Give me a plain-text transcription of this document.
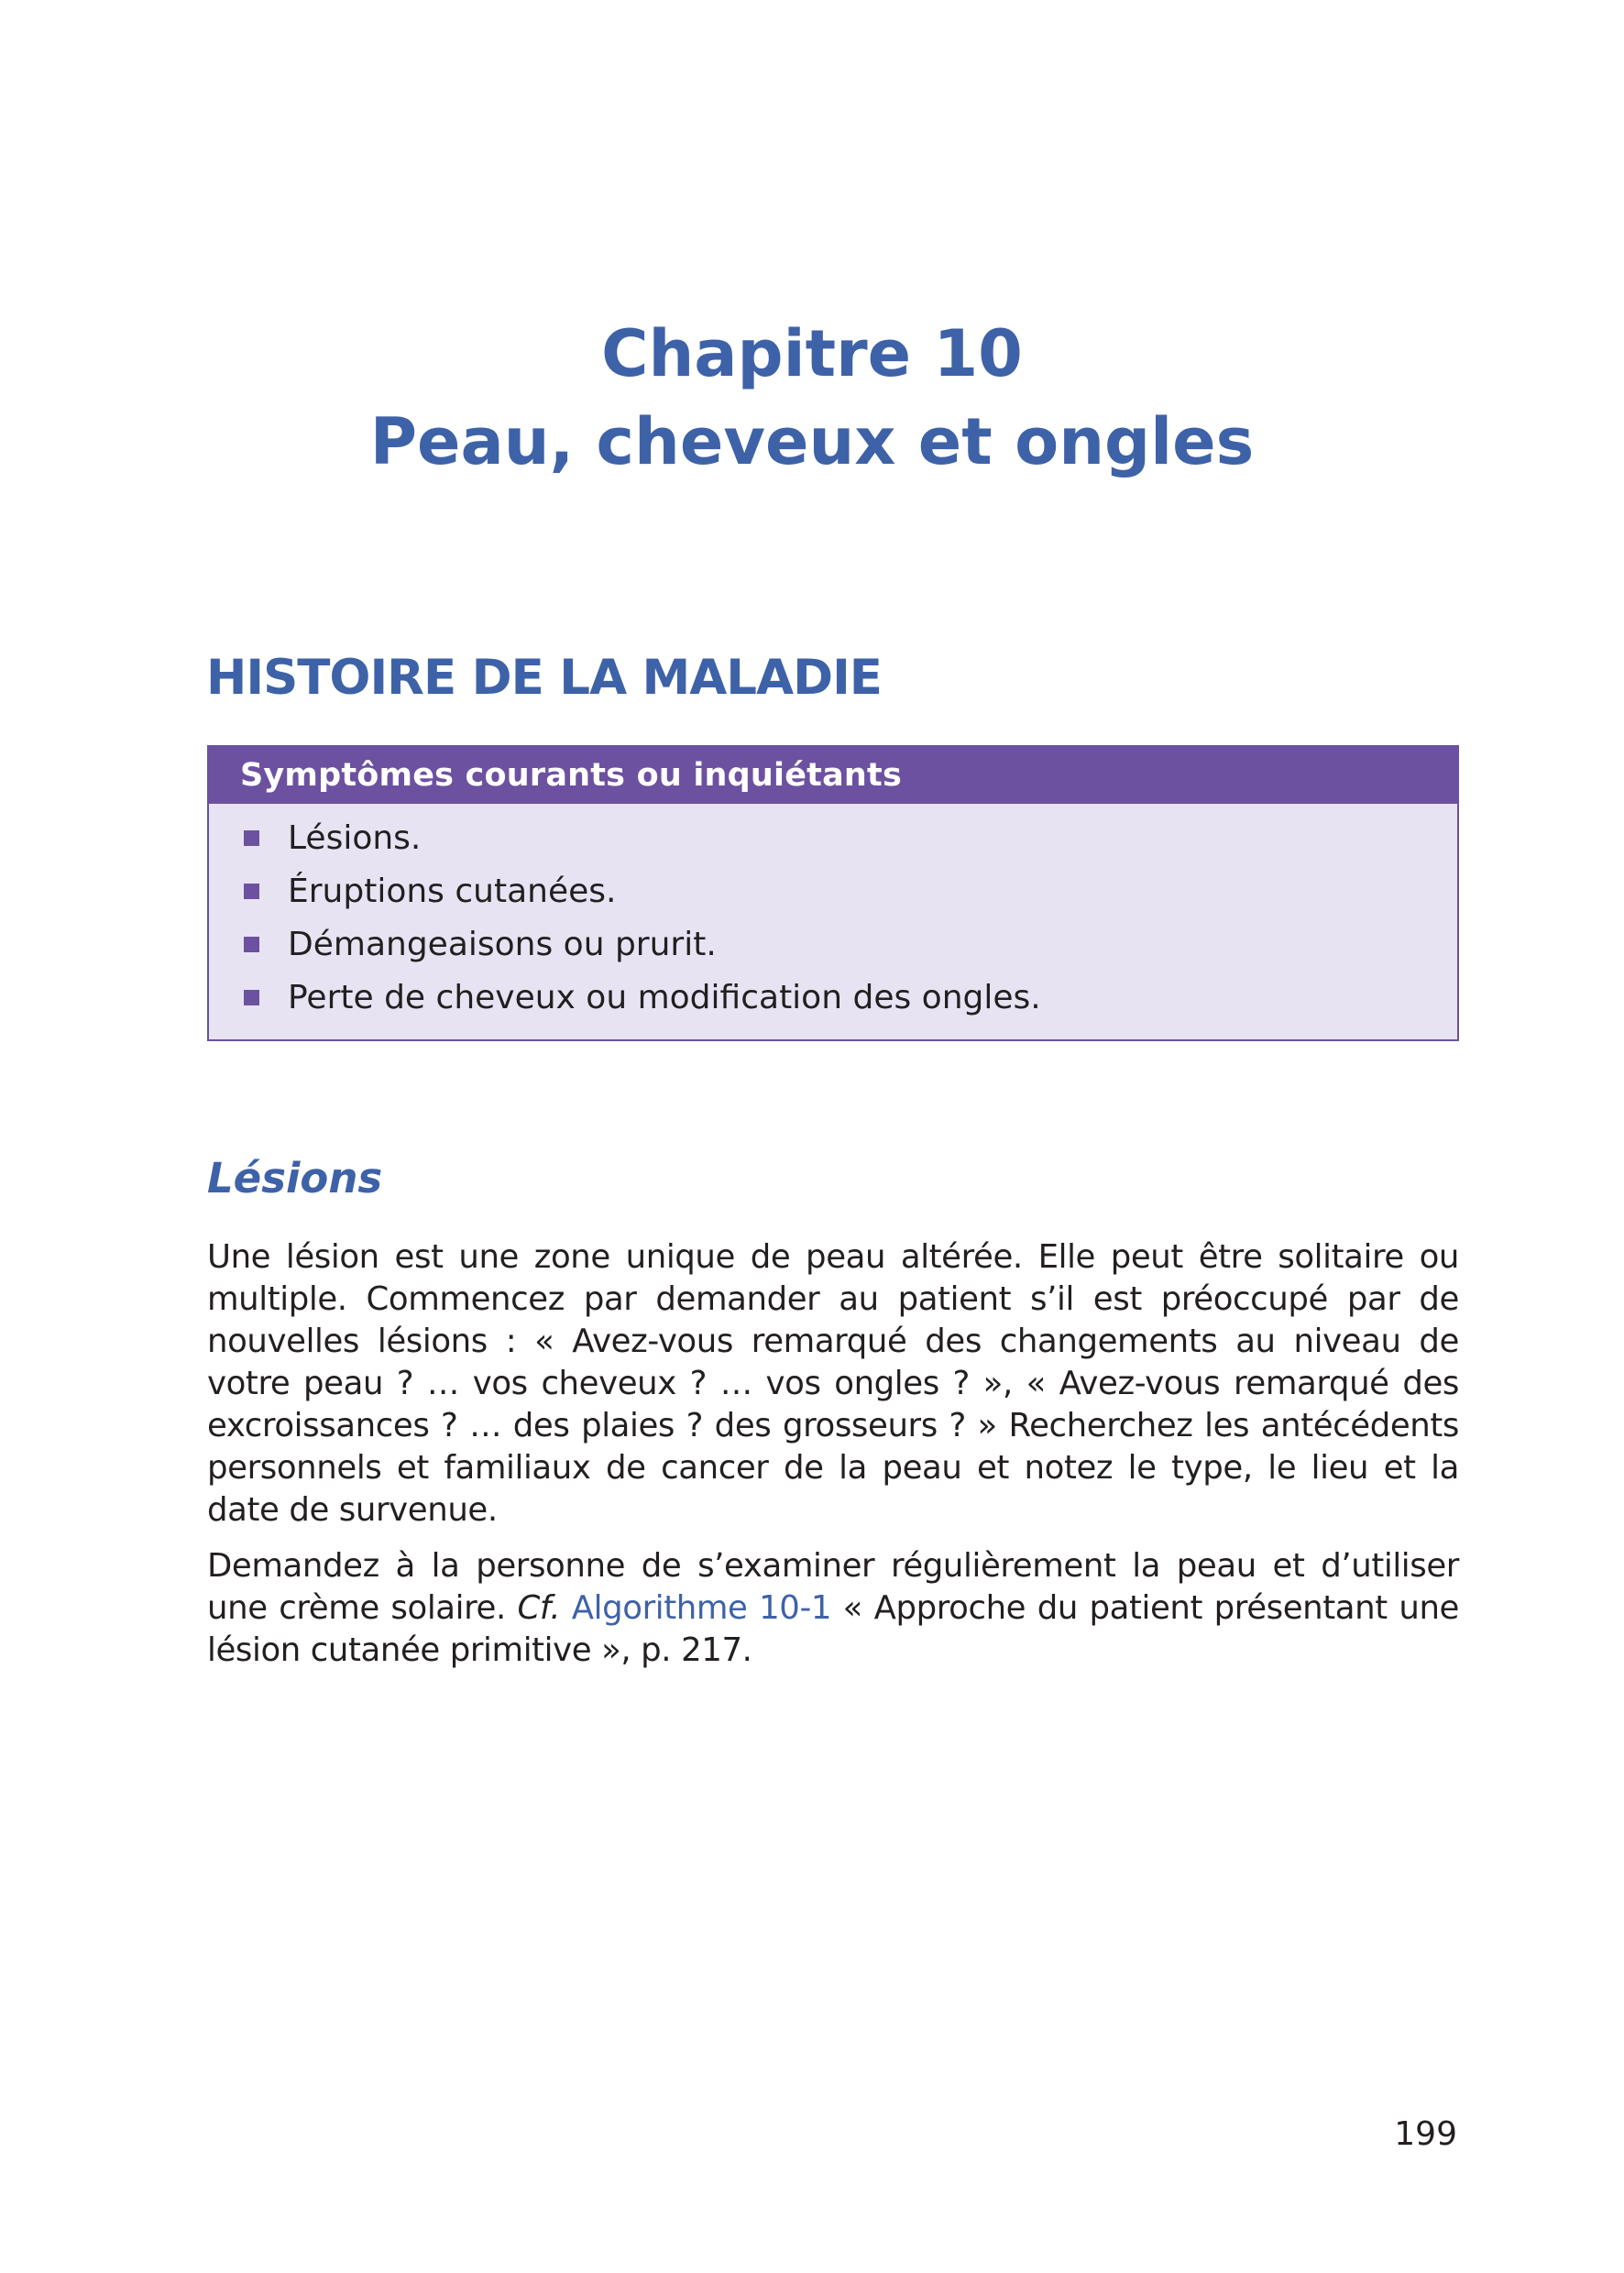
Chapitre 10
Peau, cheveux et ongles
HISTOIRE DE LA MALADIE
Symptômes courants ou inquiétants
Lésions.
Éruptions cutanées.
Démangeaisons ou prurit.
Perte de cheveux ou modification des ongles.
Lésions

Une lésion est une zone unique de peau altérée. Elle peut être solitaire ou multiple. Commencez par demander au patient s’il est préoccupé par de nouvelles lésions : « Avez-vous remarqué des changements au niveau de votre peau ? … vos cheveux ? … vos ongles ? », « Avez-vous remarqué des excroissances ? … des plaies ? des grosseurs ? » Recherchez les antécédents personnels et familiaux de cancer de la peau et notez le type, le lieu et la date de survenue.

Demandez à la personne de s’examiner régulièrement la peau et d’utiliser une crème solaire. Cf. Algorithme 10-1 « Approche du patient présentant une lésion cutanée primitive », p. 217.

199
